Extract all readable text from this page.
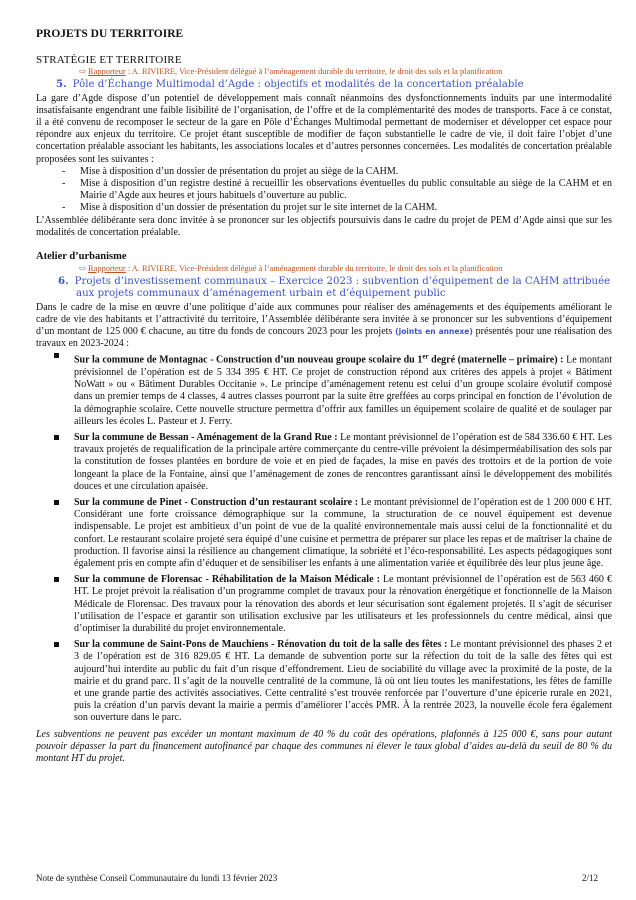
PROJETS DU TERRITOIRE
STRATÉGIE ET TERRITOIRE
⇨ Rapporteur : A. RIVIERE, Vice-Président délégué à l’aménagement durable du territoire, le droit des sols et la planification
5. Pôle d’Échange Multimodal d’Agde : objectifs et modalités de la concertation préalable

La gare d’Agde dispose d’un potentiel de développement mais connaît néanmoins des dysfonctionnements induits par une intermodalité insatisfaisante engendrant une faible lisibilité de l’organisation, de l’offre et de la complémentarité des modes de transports. Face à ce constat, il a été convenu de recomposer le secteur de la gare en Pôle d’Échanges Multimodal permettant de moderniser et développer cet espace pour répondre aux enjeux du territoire. Ce projet étant susceptible de modifier de façon substantielle le cadre de vie, il doit faire l’objet d’une concertation préalable associant les habitants, les associations locales et d’autres personnes concernées. Les modalités de concertation préalable proposées sont les suivantes :

- Mise à disposition d’un dossier de présentation du projet au siège de la CAHM.
- Mise à disposition d’un registre destiné à recueillir les observations éventuelles du public consultable au siège de la CAHM et en Mairie d’Agde aux heures et jours habituels d’ouverture au public.
- Mise à disposition d’un dossier de présentation du projet sur le site internet de la CAHM.

L’Assemblée délibérante sera donc invitée à se prononcer sur les objectifs poursuivis dans le cadre du projet de PEM d’Agde ainsi que sur les modalités de concertation préalable.

Atelier d’urbanisme
⇨ Rapporteur : A. RIVIERE, Vice-Président délégué à l’aménagement durable du territoire, le droit des sols et la planification
6. Projets d’investissement communaux – Exercice 2023 : subvention d’équipement de la CAHM attribuée aux projets communaux d’aménagement urbain et d’équipement public

Dans le cadre de la mise en œuvre d’une politique d’aide aux communes pour réaliser des aménagements et des équipements améliorant le cadre de vie des habitants et l’attractivité du territoire, l’Assemblée délibérante sera invitée à se prononcer sur les subventions d’équipement d’un montant de 125 000 € chacune, au titre du fonds de concours 2023 pour les projets (joints en annexe) présentés pour une réalisation des travaux en 2023-2024 :

Sur la commune de Montagnac - Construction d’un nouveau groupe scolaire du 1er degré (maternelle – primaire) : Le montant prévisionnel de l’opération est de 5 334 395 € HT. Ce projet de construction répond aux critères des appels à projet « Bâtiment NoWatt » ou « Bâtiment Durables Occitanie ». Le principe d’aménagement retenu est celui d’un groupe scolaire évolutif composé dans un premier temps de 4 classes, 4 autres classes pourront par la suite être greffées au corps principal en fonction de l’évolution de la démographie scolaire. Cette nouvelle structure permettra d’offrir aux familles un équipement scolaire de qualité et de soulager par ailleurs les écoles L. Pasteur et J. Ferry.
Sur la commune de Bessan - Aménagement de la Grand Rue : Le montant prévisionnel de l’opération est de 584 336.60 € HT. Les travaux projetés de requalification de la principale artère commerçante du centre-ville prévoient la désimperméabilisation des sols par la constitution de fosses plantées en bordure de voie et en pied de façades, la mise en pavés des trottoirs et de la portion de voie longeant la place de la Fontaine, ainsi que l’aménagement de zones de rencontres garantissant ainsi le développement des mobilités douces et une circulation apaisée.
Sur la commune de Pinet - Construction d’un restaurant scolaire : Le montant prévisionnel de l’opération est de 1 200 000 € HT. Considérant une forte croissance démographique sur la commune, la structuration de ce nouvel équipement est devenue indispensable. Le projet est ambitieux d’un point de vue de la qualité environnementale mais aussi celui de la fonctionnalité et du confort. Le restaurant scolaire projeté sera équipé d’une cuisine et permettra de préparer sur place les repas et de maîtriser la chaine de production. Il favorise ainsi la résilience au changement climatique, la sobriété et l’éco-responsabilité. Les aspects pédagogiques sont également pris en compte afin d’éduquer et de sensibiliser les enfants à une alimentation variée et équilibrée dès leur plus jeune âge.
Sur la commune de Florensac - Réhabilitation de la Maison Médicale : Le montant prévisionnel de l’opération est de 563 460 € HT. Le projet prévoit la réalisation d’un programme complet de travaux pour la rénovation énergétique et fonctionnelle de la Maison Médicale de Florensac. Des travaux pour la rénovation des abords et leur sécurisation sont également projetés. Il s’agit de sécuriser l’utilisation de l’espace et garantir son utilisation exclusive par les utilisateurs et les professionnels du centre médical, ainsi que d’optimiser la durabilité du projet environnementale.
Sur la commune de Saint-Pons de Mauchiens - Rénovation du toit de la salle des fêtes : Le montant prévisionnel des phases 2 et 3 de l’opération est de 316 829.05 € HT. La demande de subvention porte sur la réfection du toit de la salle des fêtes qui est aujourd’hui interdite au public du fait d’un risque d’effondrement. Lieu de sociabilité du village avec la proximité de la poste, de la mairie et du grand parc. Il s’agit de la nouvelle centralité de la commune, là où ont lieu toutes les manifestations, les fêtes de famille et une grande partie des activités associatives. Cette centralité s’est trouvée renforcée par l’ouverture d’une épicerie rurale en 2021, puis la création d’un parvis devant la mairie a permis d’améliorer l’accès PMR. À la rentrée 2023, la nouvelle école fera également son ouverture dans le parc.

Les subventions ne peuvent pas excéder un montant maximum de 40 % du coût des opérations, plafonnés à 125 000 €, sans pour autant pouvoir dépasser la part du financement autofinancé par chaque des communes ni élever le taux global d’aides au-delà du seuil de 80 % du montant HT du projet.

Note de synthèse Conseil Communautaire du lundi 13 février 2023	2/12
